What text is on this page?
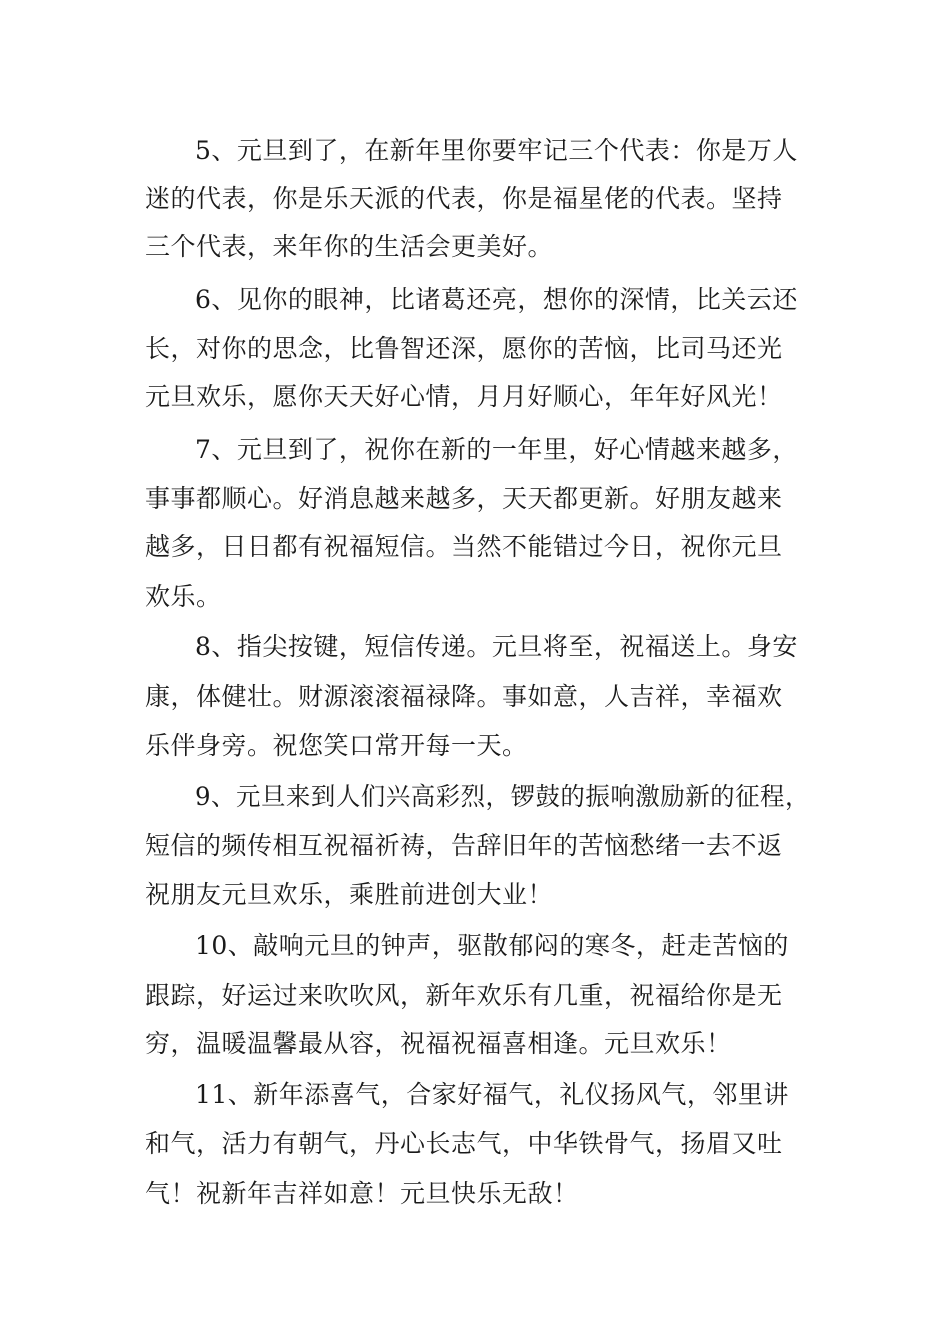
5、元旦到了，在新年里你要牢记三个代表：你是万人
迷的代表，你是乐天派的代表，你是福星佬的代表。坚持
三个代表，来年你的生活会更美好。
6、见你的眼神，比诸葛还亮，想你的深情，比关云还
长，对你的思念，比鲁智还深，愿你的苦恼，比司马还光
元旦欢乐，愿你天天好心情，月月好顺心，年年好风光！
7、元旦到了，祝你在新的一年里，好心情越来越多，
事事都顺心。好消息越来越多，天天都更新。好朋友越来
越多，日日都有祝福短信。当然不能错过今日，祝你元旦
欢乐。
8、指尖按键，短信传递。元旦将至，祝福送上。身安
康，体健壮。财源滚滚福禄降。事如意，人吉祥，幸福欢
乐伴身旁。祝您笑口常开每一天。
9、元旦来到人们兴高彩烈，锣鼓的振响激励新的征程，
短信的频传相互祝福祈祷，告辞旧年的苦恼愁绪一去不返
祝朋友元旦欢乐，乘胜前进创大业！
10、敲响元旦的钟声，驱散郁闷的寒冬，赶走苦恼的
跟踪，好运过来吹吹风，新年欢乐有几重，祝福给你是无
穷，温暖温馨最从容，祝福祝福喜相逢。元旦欢乐！
11、新年添喜气，合家好福气，礼仪扬风气，邻里讲
和气，活力有朝气，丹心长志气，中华铁骨气，扬眉又吐
气！祝新年吉祥如意！元旦快乐无敌！
